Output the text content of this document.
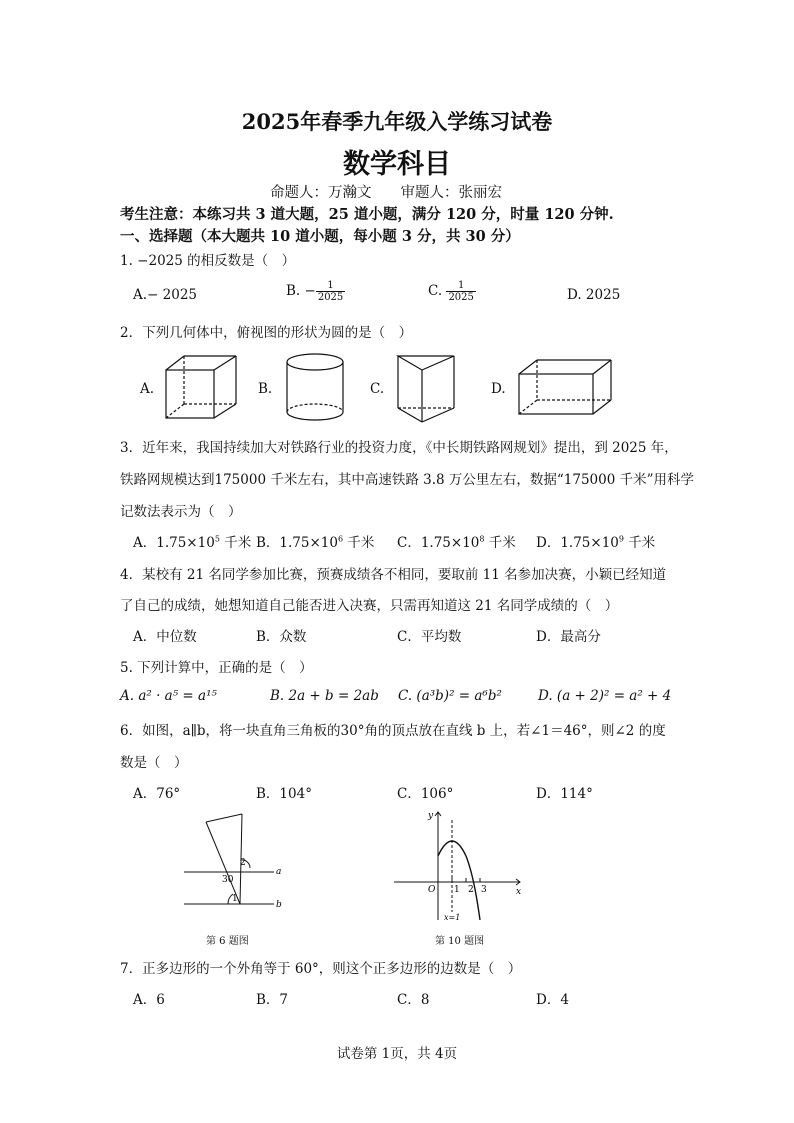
2025年春季九年级入学练习试卷
数学科目
命题人：万瀚文　　审题人：张丽宏
考生注意：本练习共 3 道大题，25 道小题，满分 120 分，时量 120 分钟.
一、选择题（本大题共 10 道小题，每小题 3 分，共 30 分）
1. −2025 的相反数是（　）
A.− 2025	B. − $\frac{1}{2025}$	C. $\frac{1}{2025}$	D. 2025
2．下列几何体中，俯视图的形状为圆的是（　）
A.	B.	C.	D.
3．近年来，我国持续加大对铁路行业的投资力度，《中长期铁路网规划》提出，到 2025 年，
铁路网规模达到175000 千米左右，其中高速铁路 3.8 万公里左右，数据“175000 千米”用科学
记数法表示为（　）
A．$1.75\times 10^5$ 千米 B．$1.75\times 10^6$ 千米 C．$1.75\times 10^8$ 千米 D．$1.75\times 10^9$ 千米
4．某校有 21 名同学参加比赛，预赛成绩各不相同，要取前 11 名参加决赛，小颖已经知道
了自己的成绩，她想知道自己能否进入决赛，只需再知道这 21 名同学成绩的（　）
A．中位数	B．众数	C．平均数	D．最高分
5. 下列计算中，正确的是（　）
A. a² · a⁵ = a¹⁵	B. 2a + b = 2ab C. (a³b)² = a⁶b²	D. (a + 2)² = a² + 4
6．如图，a∥b，将一块直角三角板的30°角的顶点放在直线 b 上，若∠1＝46°，则∠2 的度
数是（　）
A．76°	B．104°	C．106°	D．114°
1
2
30
a
b
第 6 题图
y
x
O 1 2 3
x=1
第 10 题图
7．正多边形的一个外角等于 60°，则这个正多边形的边数是（　）
A．6	B．7	C．8	D．4
试卷第 1页，共 4页
